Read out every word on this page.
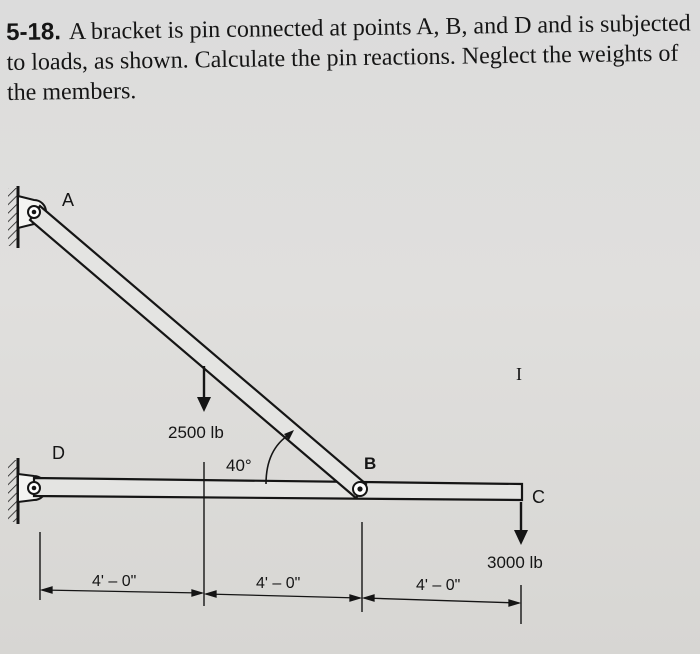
5-18. A bracket is pin connected at points A, B, and D and is subjected to loads, as shown. Calculate the pin reactions. Neglect the weights of the members.
A
D
B
C
2500 lb
3000 lb
40°
4' – 0"	4' – 0"	4' – 0"
I
